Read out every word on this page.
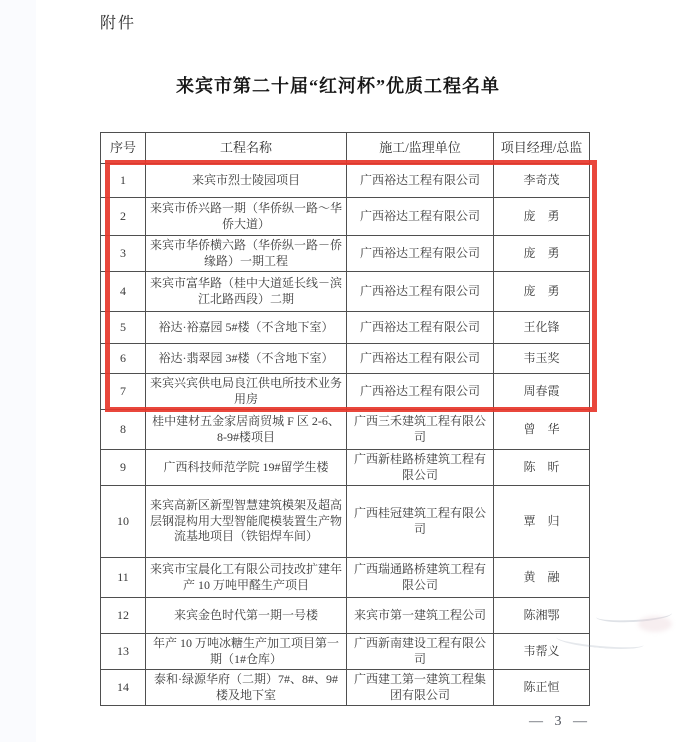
附件
来宾市第二十届“红河杯”优质工程名单
序号	工程名称	施工/监理单位	项目经理/总监
1	来宾市烈士陵园项目	广西裕达工程有限公司	李奇茂
2	来宾市侨兴路一期（华侨纵一路～华侨大道）	广西裕达工程有限公司	庞　勇
3	来宾市华侨横六路（华侨纵一路－侨缘路）一期工程	广西裕达工程有限公司	庞　勇
4	来宾市富华路（桂中大道延长线－滨江北路西段）二期	广西裕达工程有限公司	庞　勇
5	裕达·裕嘉园 5#楼（不含地下室）	广西裕达工程有限公司	王化锋
6	裕达·翡翠园 3#楼（不含地下室）	广西裕达工程有限公司	韦玉奖
7	来宾兴宾供电局良江供电所技术业务用房	广西裕达工程有限公司	周春霞
8	桂中建材五金家居商贸城 F 区 2-6、8-9#楼项目	广西三禾建筑工程有限公司	曾　华
9	广西科技师范学院 19#留学生楼	广西新桂路桥建筑工程有限公司	陈　昕
10	来宾高新区新型智慧建筑模架及超高层钢混构用大型智能爬模装置生产物流基地项目（铁铝焊车间）	广西桂冠建筑工程有限公司	覃　归
11	来宾市宝晨化工有限公司技改扩建年产 10 万吨甲醛生产项目	广西瑞通路桥建筑工程有限公司	黄　融
12	来宾金色时代第一期一号楼	来宾市第一建筑工程公司	陈湘鄂
13	年产 10 万吨冰糖生产加工项目第一期（1#仓库）	广西新南建设工程有限公司	韦帮义
14	泰和·绿源华府（二期）7#、8#、9#楼及地下室	广西建工第一建筑工程集团有限公司	陈正恒
— 3 —
